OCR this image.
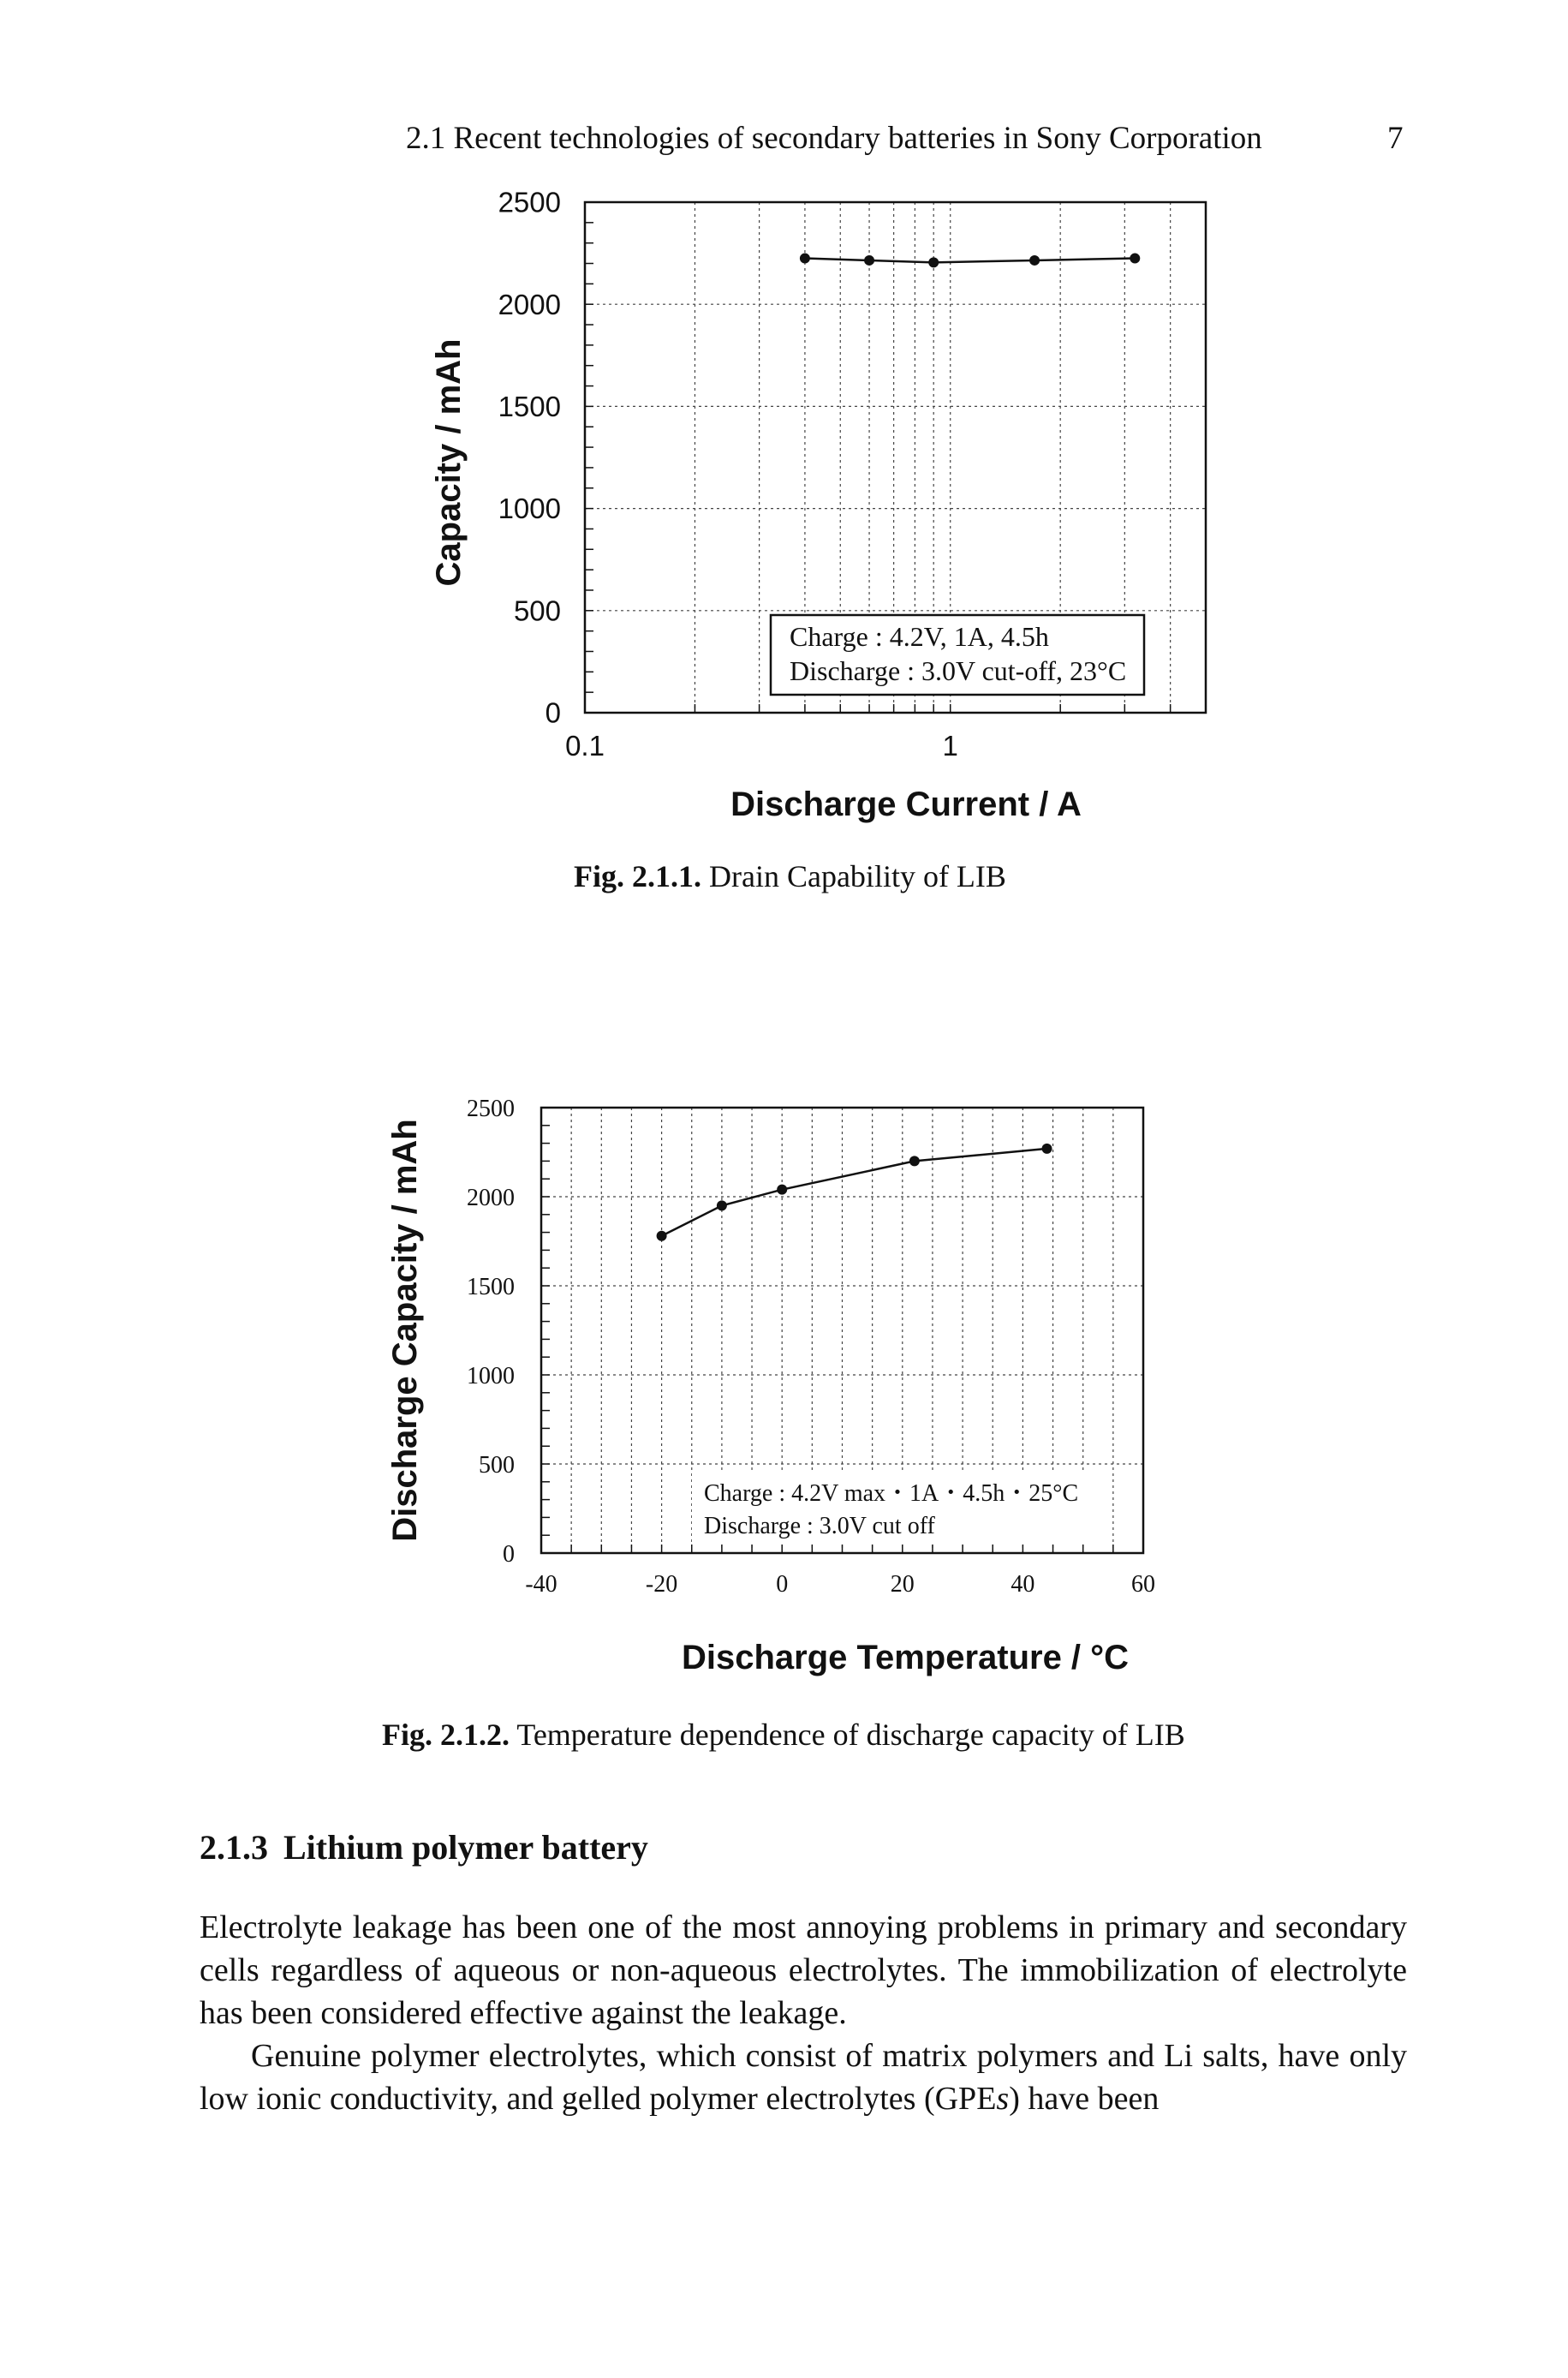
2.1 Recent technologies of secondary batteries in Sony Corporation	7
0
500
1000
1500
2000
2500
0.1	1
Discharge Current / A
Capacity / mAh
Charge : 4.2V, 1A, 4.5h
Discharge : 3.0V cut-off, 23°C
Fig. 2.1.1. Drain Capability of LIB
0
500
1000
1500
2000
2500
-40	-20	0	20	40	60
Discharge Temperature / °C
Discharge Capacity / mAh	Charge : 4.2V max・1A・4.5h・25°C
Discharge : 3.0V cut off
Fig. 2.1.2. Temperature dependence of discharge capacity of LIB
2.1.3 Lithium polymer battery

Electrolyte leakage has been one of the most annoying problems in primary and secondary cells regardless of aqueous or non-aqueous electrolytes. The immobilization of electrolyte has been considered effective against the leakage.

Genuine polymer electrolytes, which consist of matrix polymers and Li salts, have only low ionic conductivity, and gelled polymer electrolytes (GPEs) have been
